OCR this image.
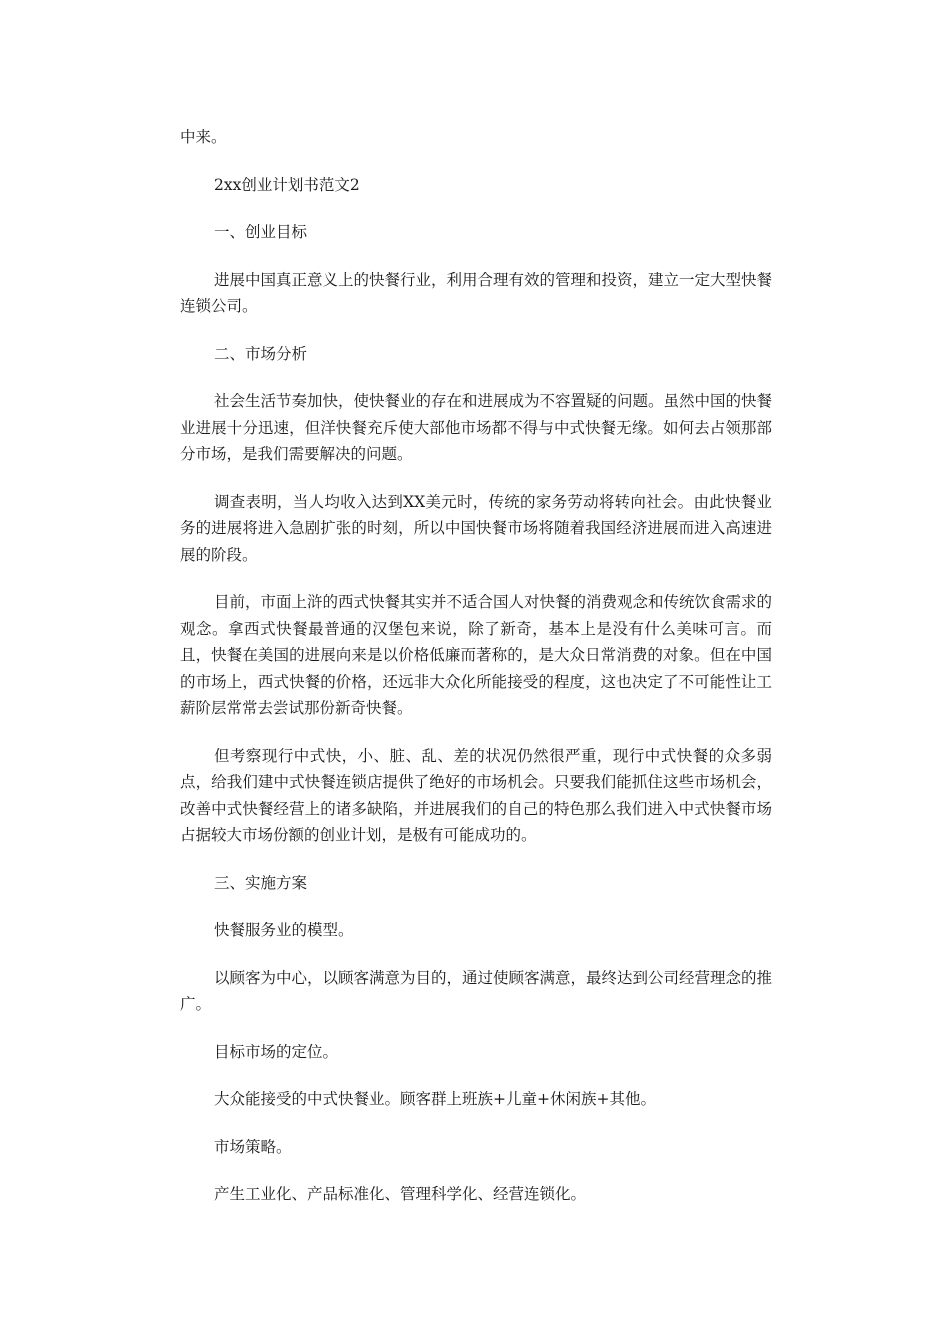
中来。

2xx创业计划书范文2

一、创业目标

进展中国真正意义上的快餐行业，利用合理有效的管理和投资，建立一定大型快餐连锁公司。

二、市场分析

社会生活节奏加快，使快餐业的存在和进展成为不容置疑的问题。虽然中国的快餐业进展十分迅速，但洋快餐充斥使大部他市场都不得与中式快餐无缘。如何去占领那部分市场，是我们需要解决的问题。

调查表明，当人均收入达到XX美元时，传统的家务劳动将转向社会。由此快餐业务的进展将进入急剧扩张的时刻，所以中国快餐市场将随着我国经济进展而进入高速进展的阶段。

目前，市面上浒的西式快餐其实并不适合国人对快餐的消费观念和传统饮食需求的观念。拿西式快餐最普通的汉堡包来说，除了新奇，基本上是没有什么美味可言。而且，快餐在美国的进展向来是以价格低廉而著称的，是大众日常消费的对象。但在中国的市场上，西式快餐的价格，还远非大众化所能接受的程度，这也决定了不可能性让工薪阶层常常去尝试那份新奇快餐。

但考察现行中式快，小、脏、乱、差的状况仍然很严重，现行中式快餐的众多弱点，给我们建中式快餐连锁店提供了绝好的市场机会。只要我们能抓住这些市场机会，改善中式快餐经营上的诸多缺陷，并进展我们的自己的特色那么我们进入中式快餐市场占据较大市场份额的创业计划，是极有可能成功的。

三、实施方案

快餐服务业的模型。

以顾客为中心，以顾客满意为目的，通过使顾客满意，最终达到公司经营理念的推广。

目标市场的定位。

大众能接受的中式快餐业。顾客群上班族+儿童+休闲族+其他。

市场策略。

产生工业化、产品标准化、管理科学化、经营连锁化。
